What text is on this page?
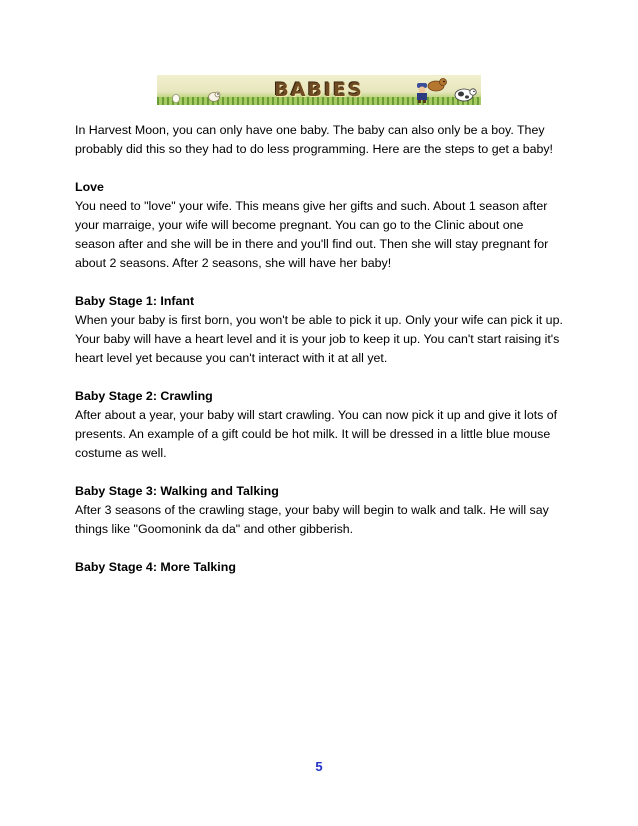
BABIES

In Harvest Moon, you can only have one baby. The baby can also only be a boy. They probably did this so they had to do less programming. Here are the steps to get a baby!

Love

You need to "love" your wife. This means give her gifts and such. About 1 season after your marraige, your wife will become pregnant. You can go to the Clinic about one season after and she will be in there and you'll find out. Then she will stay pregnant for about 2 seasons. After 2 seasons, she will have her baby!

Baby Stage 1: Infant

When your baby is first born, you won't be able to pick it up. Only your wife can pick it up. Your baby will have a heart level and it is your job to keep it up. You can't start raising it's heart level yet because you can't interact with it at all yet.

Baby Stage 2: Crawling

After about a year, your baby will start crawling. You can now pick it up and give it lots of presents. An example of a gift could be hot milk. It will be dressed in a little blue mouse costume as well.

Baby Stage 3: Walking and Talking

After 3 seasons of the crawling stage, your baby will begin to walk and talk. He will say things like "Goomonink da da" and other gibberish.

Baby Stage 4: More Talking

5
